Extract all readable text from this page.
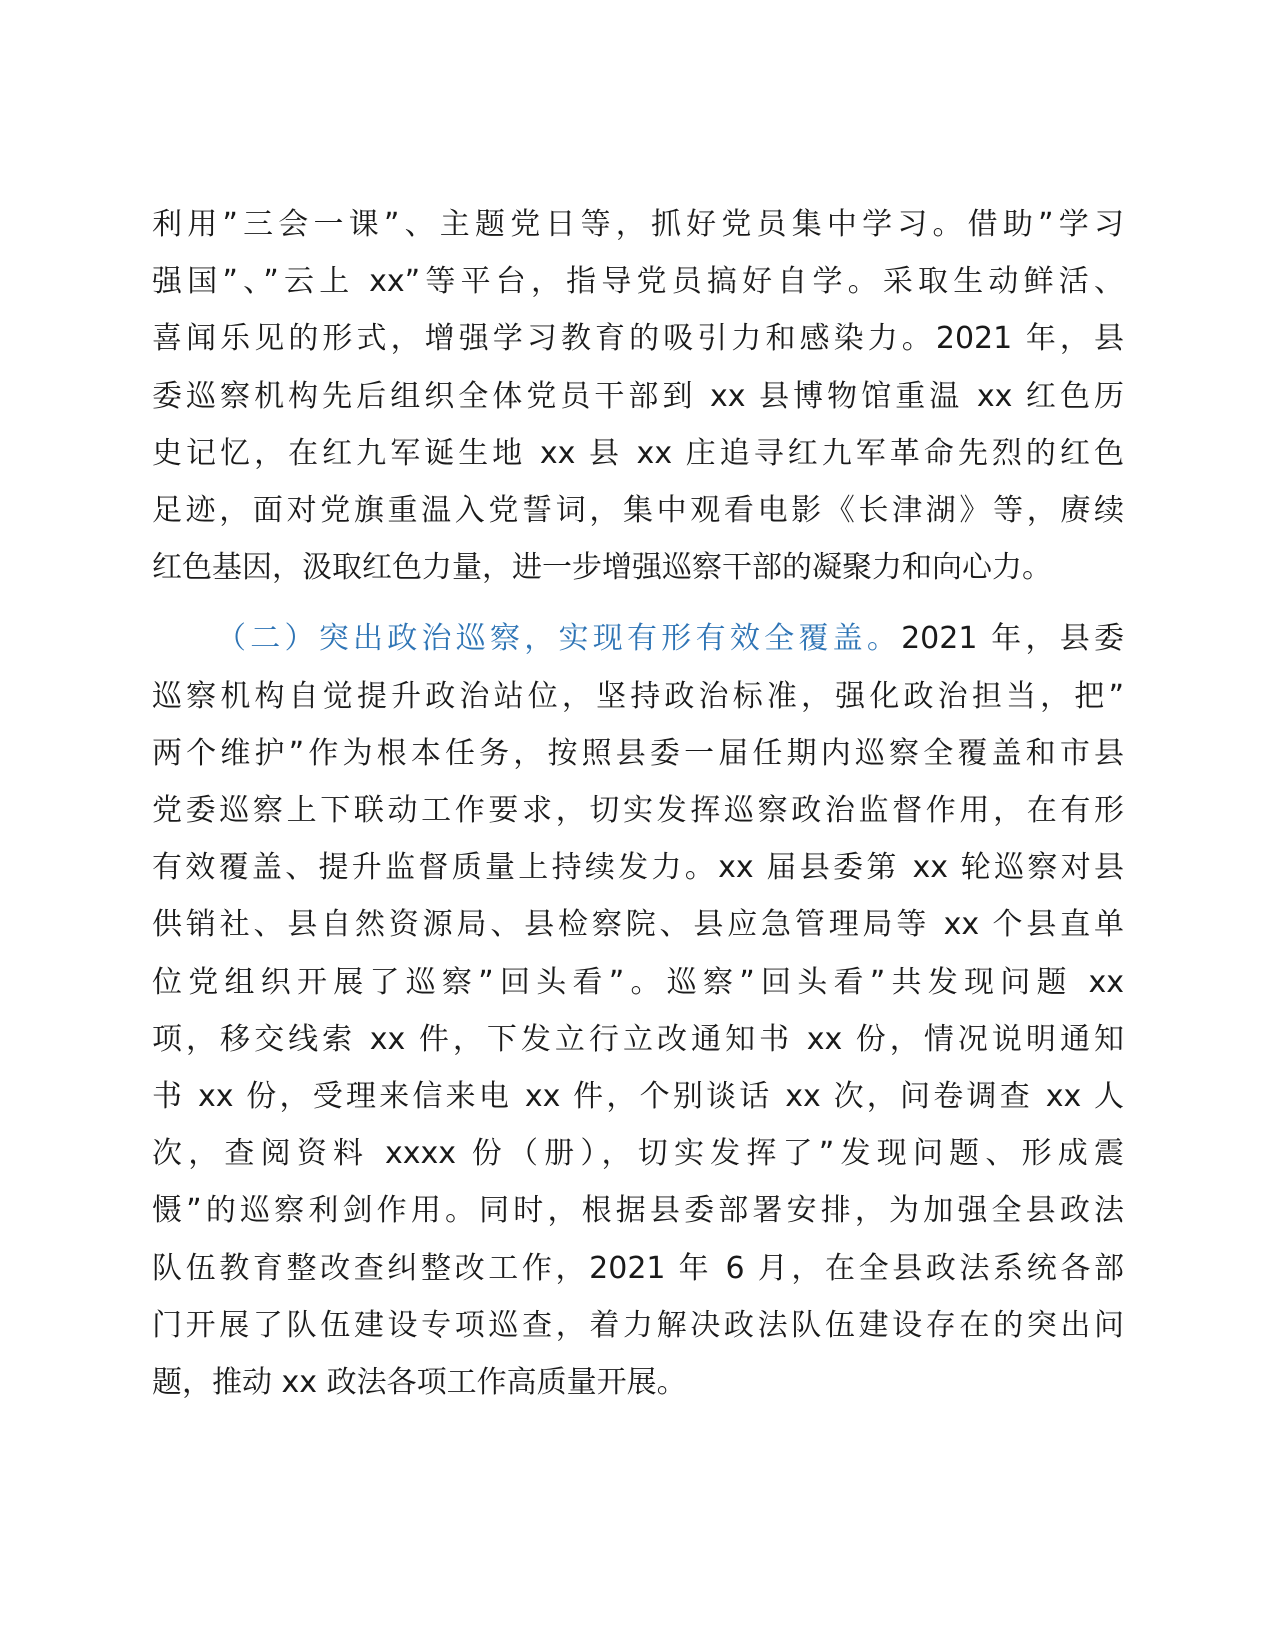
利用”三会一课”、主题党日等，抓好党员集中学习。借助”学习
强国”、”云上 xx”等平台，指导党员搞好自学。采取生动鲜活、
喜闻乐见的形式，增强学习教育的吸引力和感染力。2021 年，县
委巡察机构先后组织全体党员干部到 xx 县博物馆重温 xx 红色历
史记忆，在红九军诞生地 xx 县 xx 庄追寻红九军革命先烈的红色
足迹，面对党旗重温入党誓词，集中观看电影《长津湖》等，赓续
红色基因，汲取红色力量，进一步增强巡察干部的凝聚力和向心力。
（二）突出政治巡察，实现有形有效全覆盖。2021 年，县委
巡察机构自觉提升政治站位，坚持政治标准，强化政治担当，把”
两个维护”作为根本任务，按照县委一届任期内巡察全覆盖和市县
党委巡察上下联动工作要求，切实发挥巡察政治监督作用，在有形
有效覆盖、提升监督质量上持续发力。xx 届县委第 xx 轮巡察对县
供销社、县自然资源局、县检察院、县应急管理局等 xx 个县直单
位党组织开展了巡察”回头看”。巡察”回头看”共发现问题 xx
项，移交线索 xx 件，下发立行立改通知书 xx 份，情况说明通知
书 xx 份，受理来信来电 xx 件，个别谈话 xx 次，问卷调查 xx 人
次，查阅资料 xxxx 份（册），切实发挥了”发现问题、形成震
慑”的巡察利剑作用。同时，根据县委部署安排，为加强全县政法
队伍教育整改查纠整改工作，2021 年 6 月，在全县政法系统各部
门开展了队伍建设专项巡查，着力解决政法队伍建设存在的突出问
题，推动 xx 政法各项工作高质量开展。
